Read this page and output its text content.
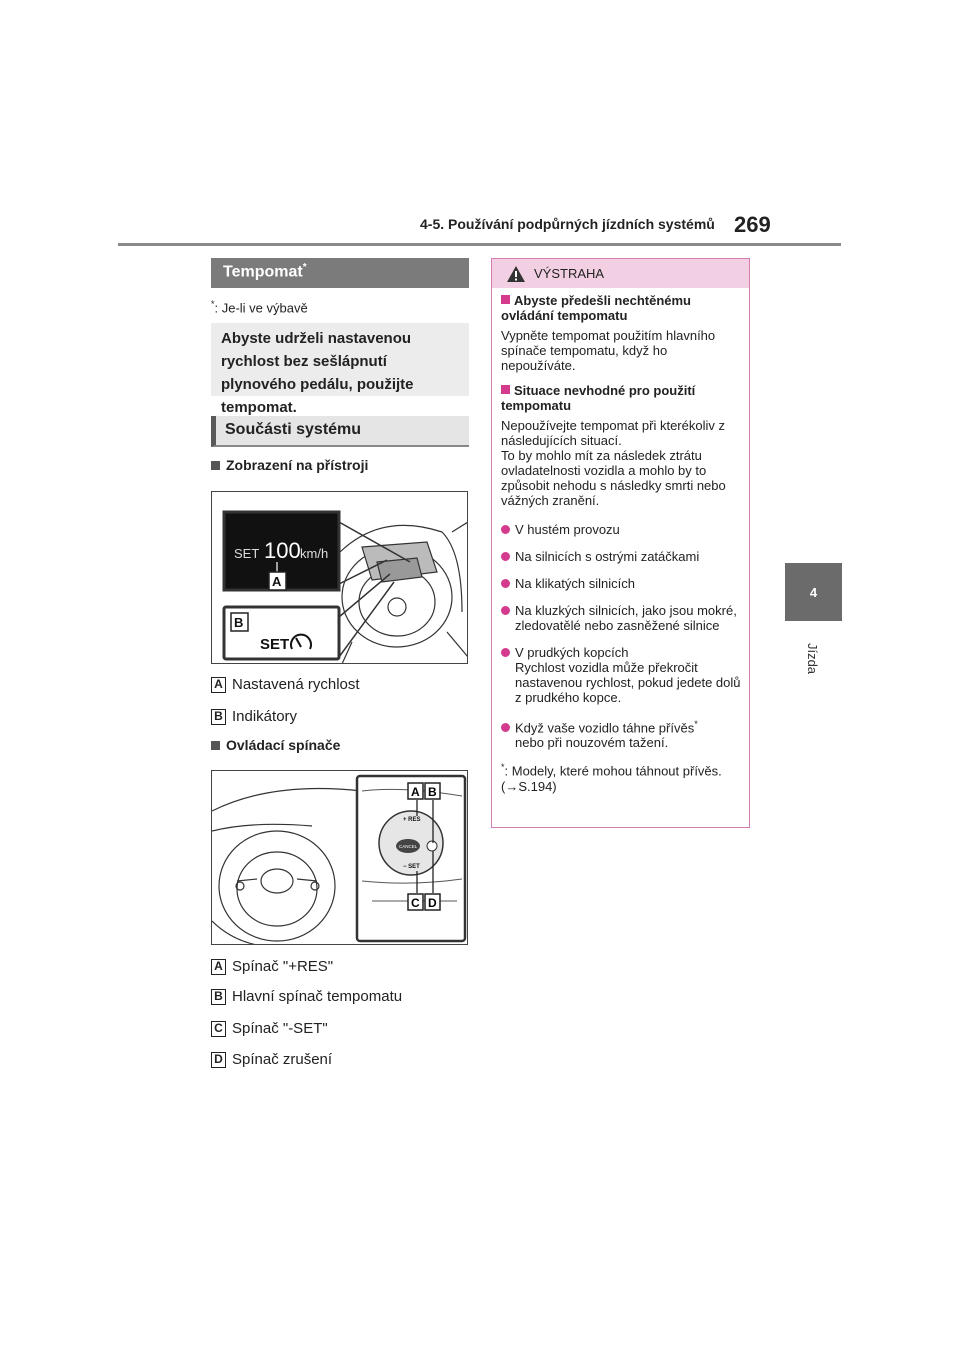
4-5. Používání podpůrných jízdních systémů 269
4
Jízda
Tempomat*
*: Je-li ve výbavě
Abyste udrželi nastavenou rychlost bez sešlápnutí plynového pedálu, použijte tempomat.
Součásti systému
Zobrazení na přístroji
SET 100 km/h
A
B
SET
A Nastavená rychlost
B Indikátory
Ovládací spínače
+ RES
CANCEL
− SET
A B
C D
A Spínač "+RES"
B Hlavní spínač tempomatu
C Spínač "-SET"
D Spínač zrušení
VÝSTRAHA
Abyste předešli nechtěnému ovládání tempomatu
Vypněte tempomat použitím hlavního spínače tempomatu, když ho nepoužíváte.
Situace nevhodné pro použití tempomatu
Nepoužívejte tempomat při kterékoliv z následujících situací.
To by mohlo mít za následek ztrátu ovladatelnosti vozidla a mohlo by to způsobit nehodu s následky smrti nebo vážných zranění.
V hustém provozu
Na silnicích s ostrými zatáčkami
Na klikatých silnicích
Na kluzkých silnicích, jako jsou mokré, zledovatělé nebo zasněžené silnice
V prudkých kopcích
Rychlost vozidla může překročit nastavenou rychlost, pokud jedete dolů z prudkého kopce.
Když vaše vozidlo táhne přívěs*
nebo při nouzovém tažení.
*: Modely, které mohou táhnout přívěs. (→S.194)
